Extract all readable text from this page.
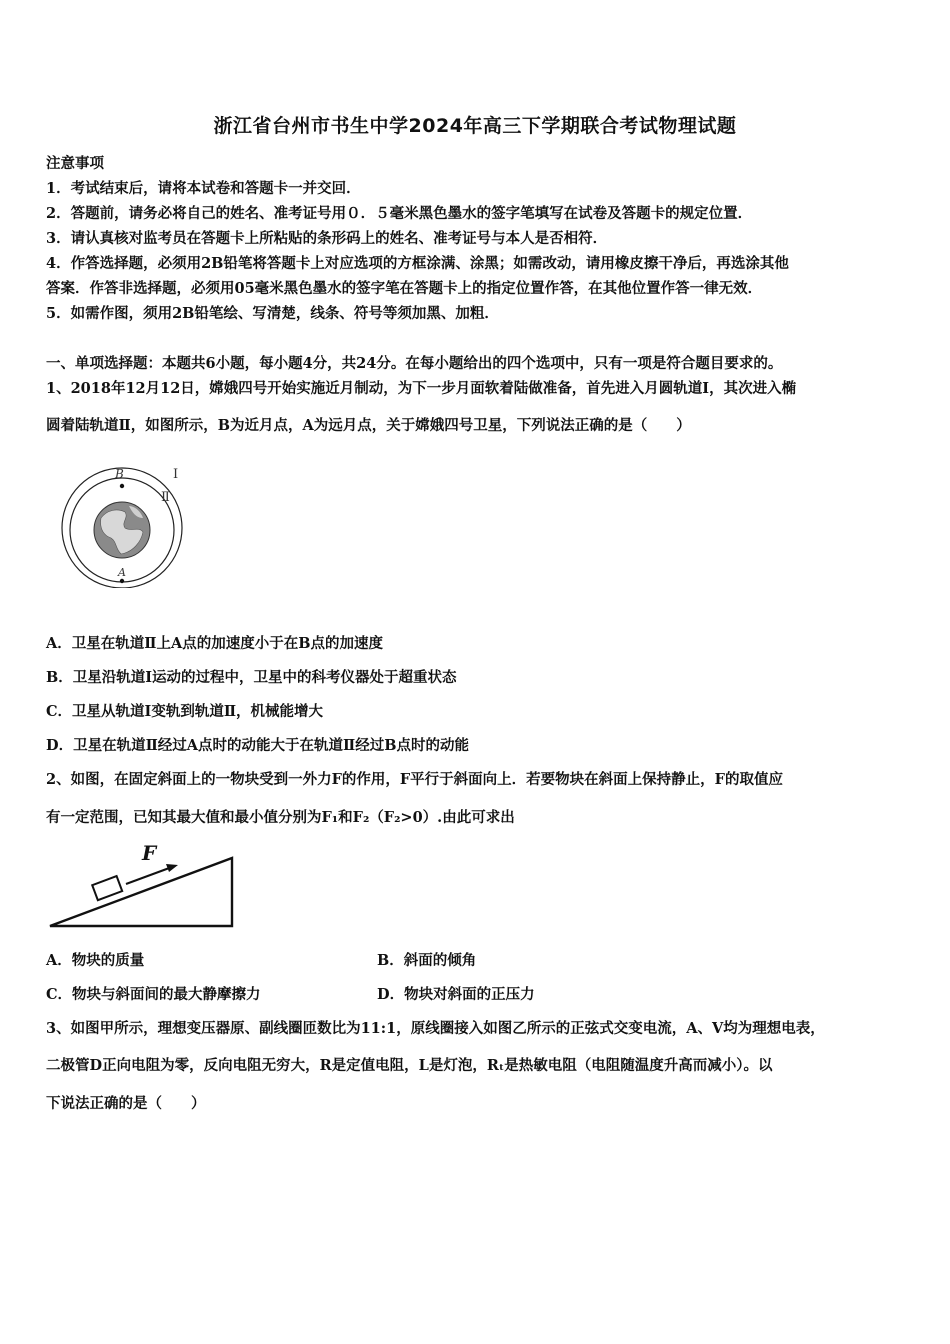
浙江省台州市书生中学2024年高三下学期联合考试物理试题
注意事项
1．考试结束后，请将本试卷和答题卡一并交回．
2．答题前，请务必将自己的姓名、准考证号用０．５毫米黑色墨水的签字笔填写在试卷及答题卡的规定位置．
3．请认真核对监考员在答题卡上所粘贴的条形码上的姓名、准考证号与本人是否相符．
4．作答选择题，必须用2B铅笔将答题卡上对应选项的方框涂满、涂黑；如需改动，请用橡皮擦干净后，再选涂其他
答案．作答非选择题，必须用05毫米黑色墨水的签字笔在答题卡上的指定位置作答，在其他位置作答一律无效．
5．如需作图，须用2B铅笔绘、写清楚，线条、符号等须加黑、加粗．
一、单项选择题：本题共6小题，每小题4分，共24分。在每小题给出的四个选项中，只有一项是符合题目要求的。
1、2018年12月12日，嫦娥四号开始实施近月制动，为下一步月面软着陆做准备，首先进入月圆轨道Ⅰ，其次进入椭
圆着陆轨道Ⅱ，如图所示，B为近月点，A为远月点，关于嫦娥四号卫星，下列说法正确的是（　　）
B
A
Ⅰ
Ⅱ
A．卫星在轨道Ⅱ上A点的加速度小于在B点的加速度
B．卫星沿轨道Ⅰ运动的过程中，卫星中的科考仪器处于超重状态
C．卫星从轨道Ⅰ变轨到轨道Ⅱ，机械能增大
D．卫星在轨道Ⅱ经过A点时的动能大于在轨道Ⅱ经过B点时的动能
2、如图，在固定斜面上的一物块受到一外力F的作用，F平行于斜面向上．若要物块在斜面上保持静止，F的取值应
有一定范围，已知其最大值和最小值分别为F₁和F₂（F₂>0）.由此可求出
F
A．物块的质量	B．斜面的倾角
C．物块与斜面间的最大静摩擦力	D．物块对斜面的正压力
3、如图甲所示，理想变压器原、副线圈匝数比为11:1，原线圈接入如图乙所示的正弦式交变电流，A、V均为理想电表，
二极管D正向电阻为零，反向电阻无穷大，R是定值电阻，L是灯泡，Rₜ是热敏电阻（电阻随温度升高而减小）。以
下说法正确的是（　　）
